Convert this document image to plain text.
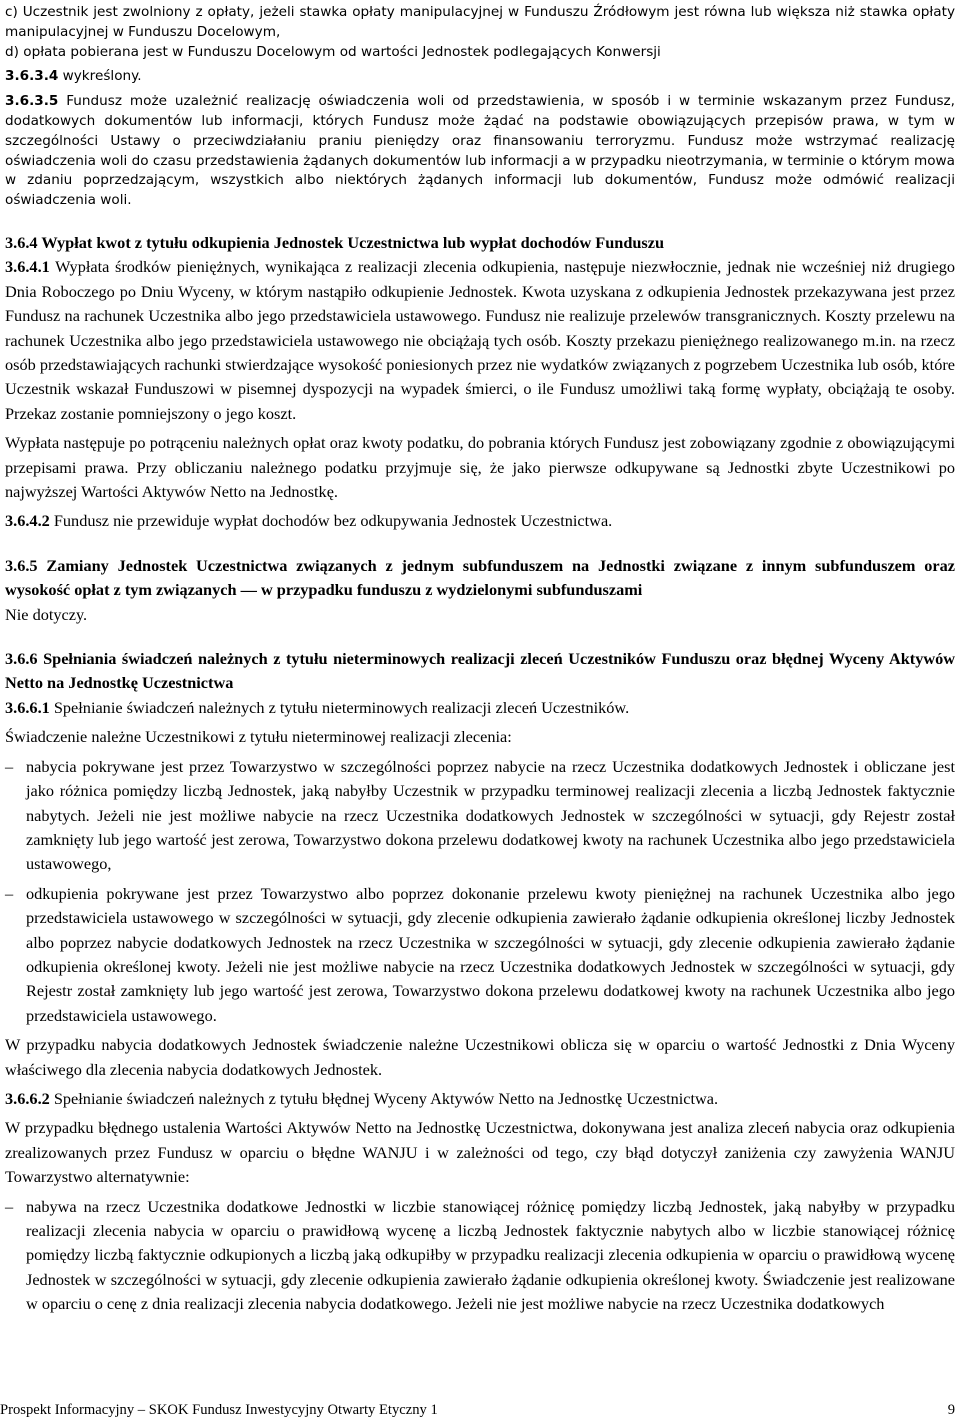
c) Uczestnik jest zwolniony z opłaty, jeżeli stawka opłaty manipulacyjnej w Funduszu Źródłowym jest równa lub większa niż stawka opłaty manipulacyjnej w Funduszu Docelowym,

d) opłata pobierana jest w Funduszu Docelowym od wartości Jednostek podlegających Konwersji

3.6.3.4 wykreślony.

3.6.3.5 Fundusz może uzależnić realizację oświadczenia woli od przedstawienia, w sposób i w terminie wskazanym przez Fundusz, dodatkowych dokumentów lub informacji, których Fundusz może żądać na podstawie obowiązujących przepisów prawa, w tym w szczególności Ustawy o przeciwdziałaniu praniu pieniędzy oraz finansowaniu terroryzmu. Fundusz może wstrzymać realizację oświadczenia woli do czasu przedstawienia żądanych dokumentów lub informacji a w przypadku nieotrzymania, w terminie o którym mowa w zdaniu poprzedzającym, wszystkich albo niektórych żądanych informacji lub dokumentów, Fundusz może odmówić realizacji oświadczenia woli.

3.6.4 Wypłat kwot z tytułu odkupienia Jednostek Uczestnictwa lub wypłat dochodów Funduszu

3.6.4.1 Wypłata środków pieniężnych, wynikająca z realizacji zlecenia odkupienia, następuje niezwłocznie, jednak nie wcześniej niż drugiego Dnia Roboczego po Dniu Wyceny, w którym nastąpiło odkupienie Jednostek. Kwota uzyskana z odkupienia Jednostek przekazywana jest przez Fundusz na rachunek Uczestnika albo jego przedstawiciela ustawowego. Fundusz nie realizuje przelewów transgranicznych. Koszty przelewu na rachunek Uczestnika albo jego przedstawiciela ustawowego nie obciążają tych osób. Koszty przekazu pieniężnego realizowanego m.in. na rzecz osób przedstawiających rachunki stwierdzające wysokość poniesionych przez nie wydatków związanych z pogrzebem Uczestnika lub osób, które Uczestnik wskazał Funduszowi w pisemnej dyspozycji na wypadek śmierci, o ile Fundusz umożliwi taką formę wypłaty, obciążają te osoby. Przekaz zostanie pomniejszony o jego koszt.

Wypłata następuje po potrąceniu należnych opłat oraz kwoty podatku, do pobrania których Fundusz jest zobowiązany zgodnie z obowiązującymi przepisami prawa. Przy obliczaniu należnego podatku przyjmuje się, że jako pierwsze odkupywane są Jednostki zbyte Uczestnikowi po najwyższej Wartości Aktywów Netto na Jednostkę.

3.6.4.2 Fundusz nie przewiduje wypłat dochodów bez odkupywania Jednostek Uczestnictwa.

3.6.5 Zamiany Jednostek Uczestnictwa związanych z jednym subfunduszem na Jednostki związane z innym subfunduszem oraz wysokość opłat z tym związanych — w przypadku funduszu z wydzielonymi subfunduszami

Nie dotyczy.

3.6.6 Spełniania świadczeń należnych z tytułu nieterminowych realizacji zleceń Uczestników Funduszu oraz błędnej Wyceny Aktywów Netto na Jednostkę Uczestnictwa

3.6.6.1 Spełnianie świadczeń należnych z tytułu nieterminowych realizacji zleceń Uczestników.

Świadczenie należne Uczestnikowi z tytułu nieterminowej realizacji zlecenia:

– nabycia pokrywane jest przez Towarzystwo w szczególności poprzez nabycie na rzecz Uczestnika dodatkowych Jednostek i obliczane jest jako różnica pomiędzy liczbą Jednostek, jaką nabyłby Uczestnik w przypadku terminowej realizacji zlecenia a liczbą Jednostek faktycznie nabytych. Jeżeli nie jest możliwe nabycie na rzecz Uczestnika dodatkowych Jednostek w szczególności w sytuacji, gdy Rejestr został zamknięty lub jego wartość jest zerowa, Towarzystwo dokona przelewu dodatkowej kwoty na rachunek Uczestnika albo jego przedstawiciela ustawowego,

– odkupienia pokrywane jest przez Towarzystwo albo poprzez dokonanie przelewu kwoty pieniężnej na rachunek Uczestnika albo jego przedstawiciela ustawowego w szczególności w sytuacji, gdy zlecenie odkupienia zawierało żądanie odkupienia określonej liczby Jednostek albo poprzez nabycie dodatkowych Jednostek na rzecz Uczestnika w szczególności w sytuacji, gdy zlecenie odkupienia zawierało żądanie odkupienia określonej kwoty. Jeżeli nie jest możliwe nabycie na rzecz Uczestnika dodatkowych Jednostek w szczególności w sytuacji, gdy Rejestr został zamknięty lub jego wartość jest zerowa, Towarzystwo dokona przelewu dodatkowej kwoty na rachunek Uczestnika albo jego przedstawiciela ustawowego.

W przypadku nabycia dodatkowych Jednostek świadczenie należne Uczestnikowi oblicza się w oparciu o wartość Jednostki z Dnia Wyceny właściwego dla zlecenia nabycia dodatkowych Jednostek.

3.6.6.2 Spełnianie świadczeń należnych z tytułu błędnej Wyceny Aktywów Netto na Jednostkę Uczestnictwa.

W przypadku błędnego ustalenia Wartości Aktywów Netto na Jednostkę Uczestnictwa, dokonywana jest analiza zleceń nabycia oraz odkupienia zrealizowanych przez Fundusz w oparciu o błędne WANJU i w zależności od tego, czy błąd dotyczył zaniżenia czy zawyżenia WANJU Towarzystwo alternatywnie:

– nabywa na rzecz Uczestnika dodatkowe Jednostki w liczbie stanowiącej różnicę pomiędzy liczbą Jednostek, jaką nabyłby w przypadku realizacji zlecenia nabycia w oparciu o prawidłową wycenę a liczbą Jednostek faktycznie nabytych albo w liczbie stanowiącej różnicę pomiędzy liczbą faktycznie odkupionych a liczbą jaką odkupiłby w przypadku realizacji zlecenia odkupienia w oparciu o prawidłową wycenę Jednostek w szczególności w sytuacji, gdy zlecenie odkupienia zawierało żądanie odkupienia określonej kwoty. Świadczenie jest realizowane w oparciu o cenę z dnia realizacji zlecenia nabycia dodatkowego. Jeżeli nie jest możliwe nabycie na rzecz Uczestnika dodatkowych

Prospekt Informacyjny – SKOK Fundusz Inwestycyjny Otwarty Etyczny 1	9
